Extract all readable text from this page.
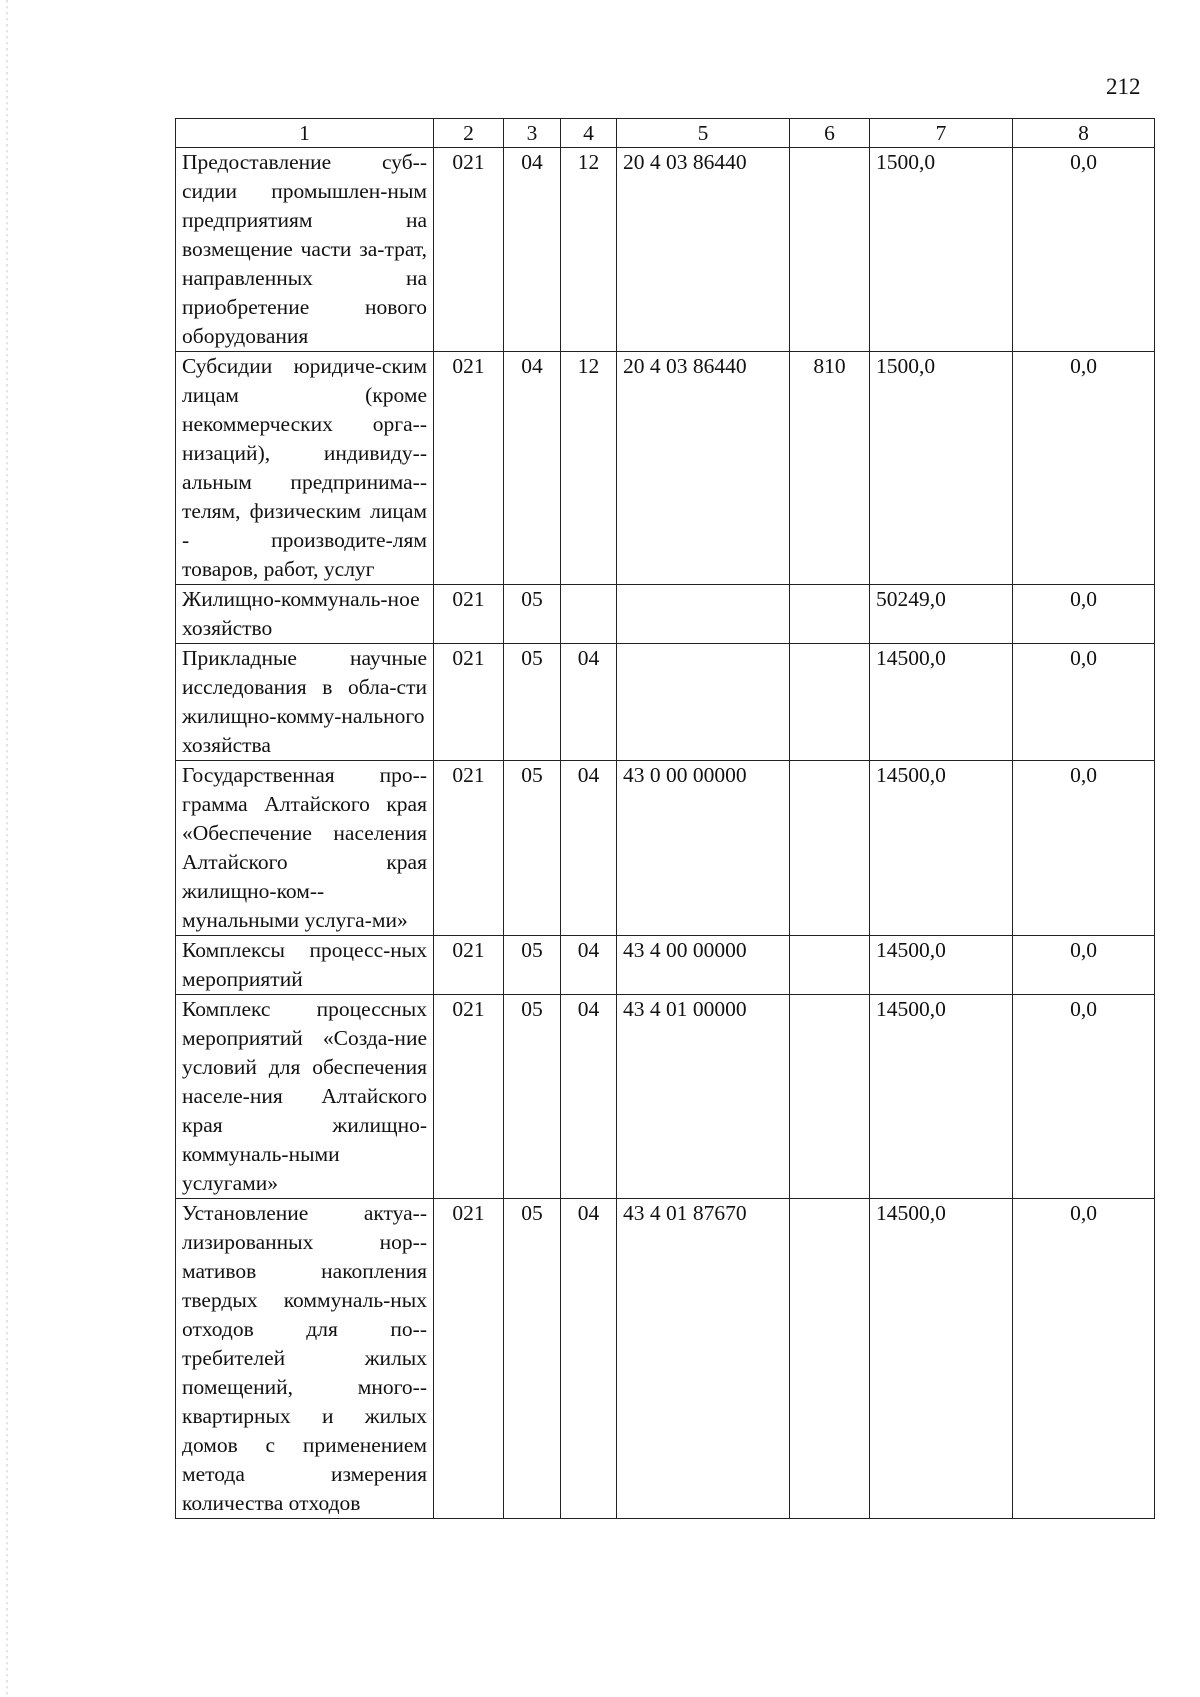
212
1	2	3	4	5	6	7	8
Предоставление суб-сидии промышлен-ным предприятиям на возмещение части за-трат, направленных на приобретение нового оборудования	021	04	12	20 4 03 86440		1500,0	0,0
Субсидии юридиче-ским лицам (кроме некоммерческих орга-низаций), индивиду-альным предпринима-телям, физическим лицам - производите-лям товаров, работ, услуг	021	04	12	20 4 03 86440	810	1500,0	0,0
Жилищно-коммуналь-ное хозяйство	021	05				50249,0	0,0
Прикладные научные исследования в обла-сти жилищно-комму-нального хозяйства	021	05	04			14500,0	0,0
Государственная про-грамма Алтайского края «Обеспечение населения Алтайского края жилищно-ком-мунальными услуга-ми»	021	05	04	43 0 00 00000		14500,0	0,0
Комплексы процесс-ных мероприятий	021	05	04	43 4 00 00000		14500,0	0,0
Комплекс процессных мероприятий «Созда-ние условий для обеспечения населе-ния Алтайского края жилищно-коммуналь-ными услугами»	021	05	04	43 4 01 00000		14500,0	0,0
Установление актуа-лизированных нор-мативов накопления твердых коммуналь-ных отходов для по-требителей жилых помещений, много-квартирных и жилых домов с применением метода измерения количества отходов	021	05	04	43 4 01 87670		14500,0	0,0
